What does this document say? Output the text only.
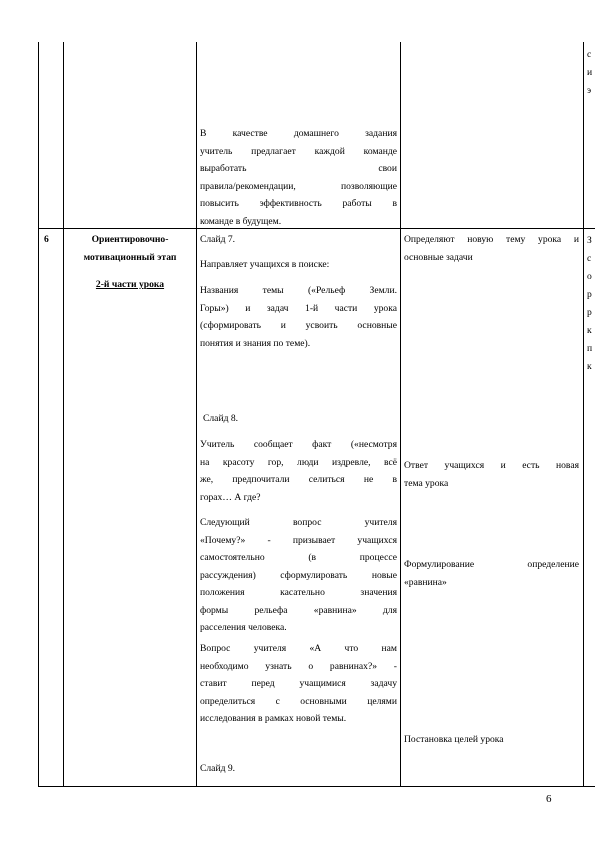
В качестве домашнего задания
учитель предлагает каждой команде
выработать свои
правила/рекомендации, позволяющие
повысить эффективность работы в
команде в будущем.
с
и
э
6	Ориентировочно-
мотивационный этап
2-й части урока
Слайд 7.
Направляет учащихся в поиске:
Названия темы («Рельеф Земли.
Горы») и задач 1-й части урока
(сформировать и усвоить основные
понятия и знания по теме).
Слайд 8.
Учитель сообщает факт («несмотря
на красоту гор, люди издревле, всё
же, предпочитали селиться не в
горах… А где?
Следующий вопрос учителя
«Почему?» - призывает учащихся
самостоятельно (в процессе
рассуждения) сформулировать новые
положения касательно значения
формы рельефа «равнина» для
расселения человека.
Вопрос учителя «А что нам
необходимо узнать о равнинах?» -
ставит перед учащимися задачу
определиться с основными целями
исследования в рамках новой темы.
Слайд 9.
Определяют новую тему урока и
основные задачи
Ответ учащихся и есть новая
тема урока
Формулирование определение
«равнина»
Постановка целей урока
З
с
о
р
р
к
п
к
6
